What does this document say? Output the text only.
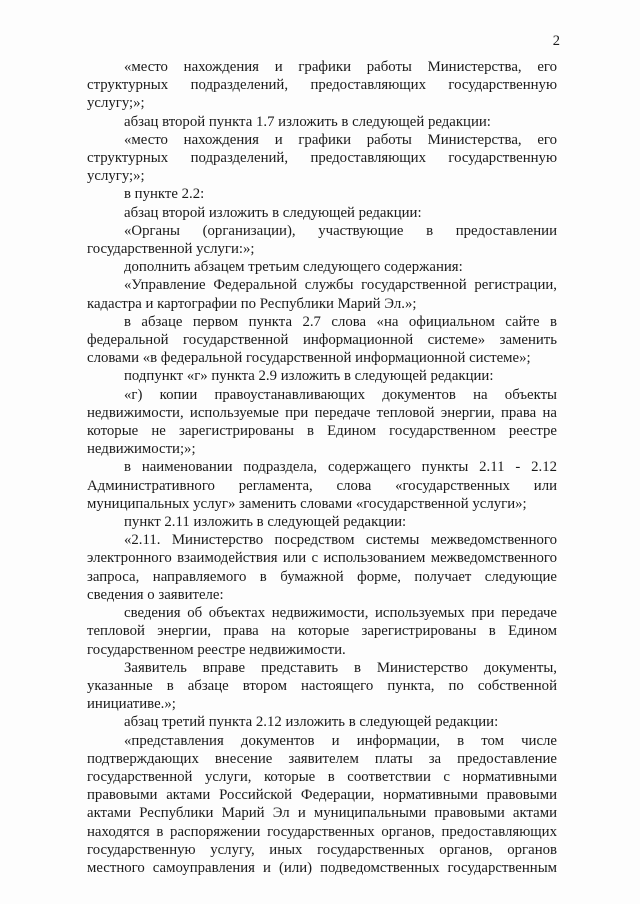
2

«место нахождения и графики работы Министерства, его структурных подразделений, предоставляющих государственную услугу;»;

абзац второй пункта 1.7 изложить в следующей редакции:

«место нахождения и графики работы Министерства, его структурных подразделений, предоставляющих государственную услугу;»;

в пункте 2.2:

абзац второй изложить в следующей редакции:

«Органы (организации), участвующие в предоставлении государственной услуги:»;

дополнить абзацем третьим следующего содержания:

«Управление Федеральной службы государственной регистрации, кадастра и картографии по Республики Марий Эл.»;

в абзаце первом пункта 2.7 слова «на официальном сайте в федеральной государственной информационной системе» заменить словами «в федеральной государственной информационной системе»;

подпункт «г» пункта 2.9 изложить в следующей редакции:

«г) копии правоустанавливающих документов на объекты недвижимости, используемые при передаче тепловой энергии, права на которые не зарегистрированы в Едином государственном реестре недвижимости;»;

в наименовании подраздела, содержащего пункты 2.11 - 2.12 Административного регламента, слова «государственных или муниципальных услуг» заменить словами «государственной услуги»;

пункт 2.11 изложить в следующей редакции:

«2.11. Министерство посредством системы межведомственного электронного взаимодействия или с использованием межведомственного запроса, направляемого в бумажной форме, получает следующие сведения о заявителе:

сведения об объектах недвижимости, используемых при передаче тепловой энергии, права на которые зарегистрированы в Едином государственном реестре недвижимости.

Заявитель вправе представить в Министерство документы, указанные в абзаце втором настоящего пункта, по собственной инициативе.»;

абзац третий пункта 2.12 изложить в следующей редакции:

«представления документов и информации, в том числе подтверждающих внесение заявителем платы за предоставление государственной услуги, которые в соответствии с нормативными правовыми актами Российской Федерации, нормативными правовыми актами Республики Марий Эл и муниципальными правовыми актами находятся в распоряжении государственных органов, предоставляющих государственную услугу, иных государственных органов, органов местного самоуправления и (или) подведомственных государственным
